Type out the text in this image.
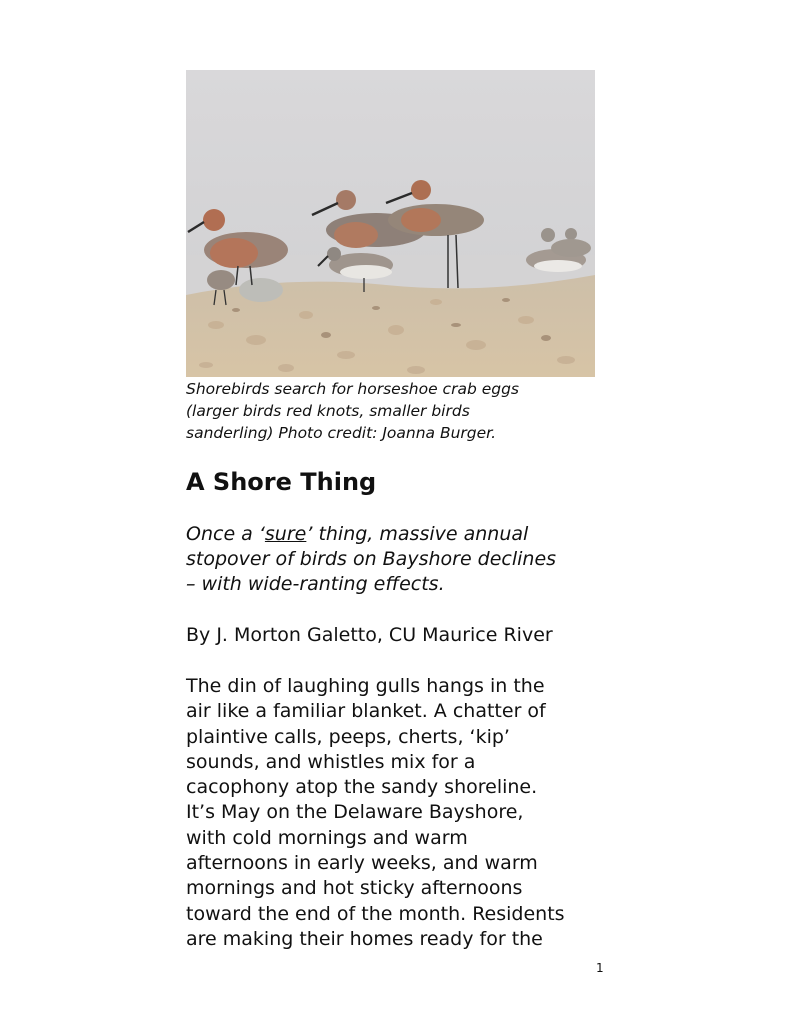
Shorebirds search for horseshoe crab eggs
(larger birds red knots, smaller birds
sanderling) Photo credit: Joanna Burger.
A Shore Thing
Once a ‘sure’ thing, massive annual
stopover of birds on Bayshore declines
– with wide-ranting effects.

By J. Morton Galetto, CU Maurice River

The din of laughing gulls hangs in the
air like a familiar blanket. A chatter of
plaintive calls, peeps, cherts, ‘kip’
sounds, and whistles mix for a
cacophony atop the sandy shoreline.
It’s May on the Delaware Bayshore,
with cold mornings and warm
afternoons in early weeks, and warm
mornings and hot sticky afternoons
toward the end of the month. Residents
are making their homes ready for the
1
